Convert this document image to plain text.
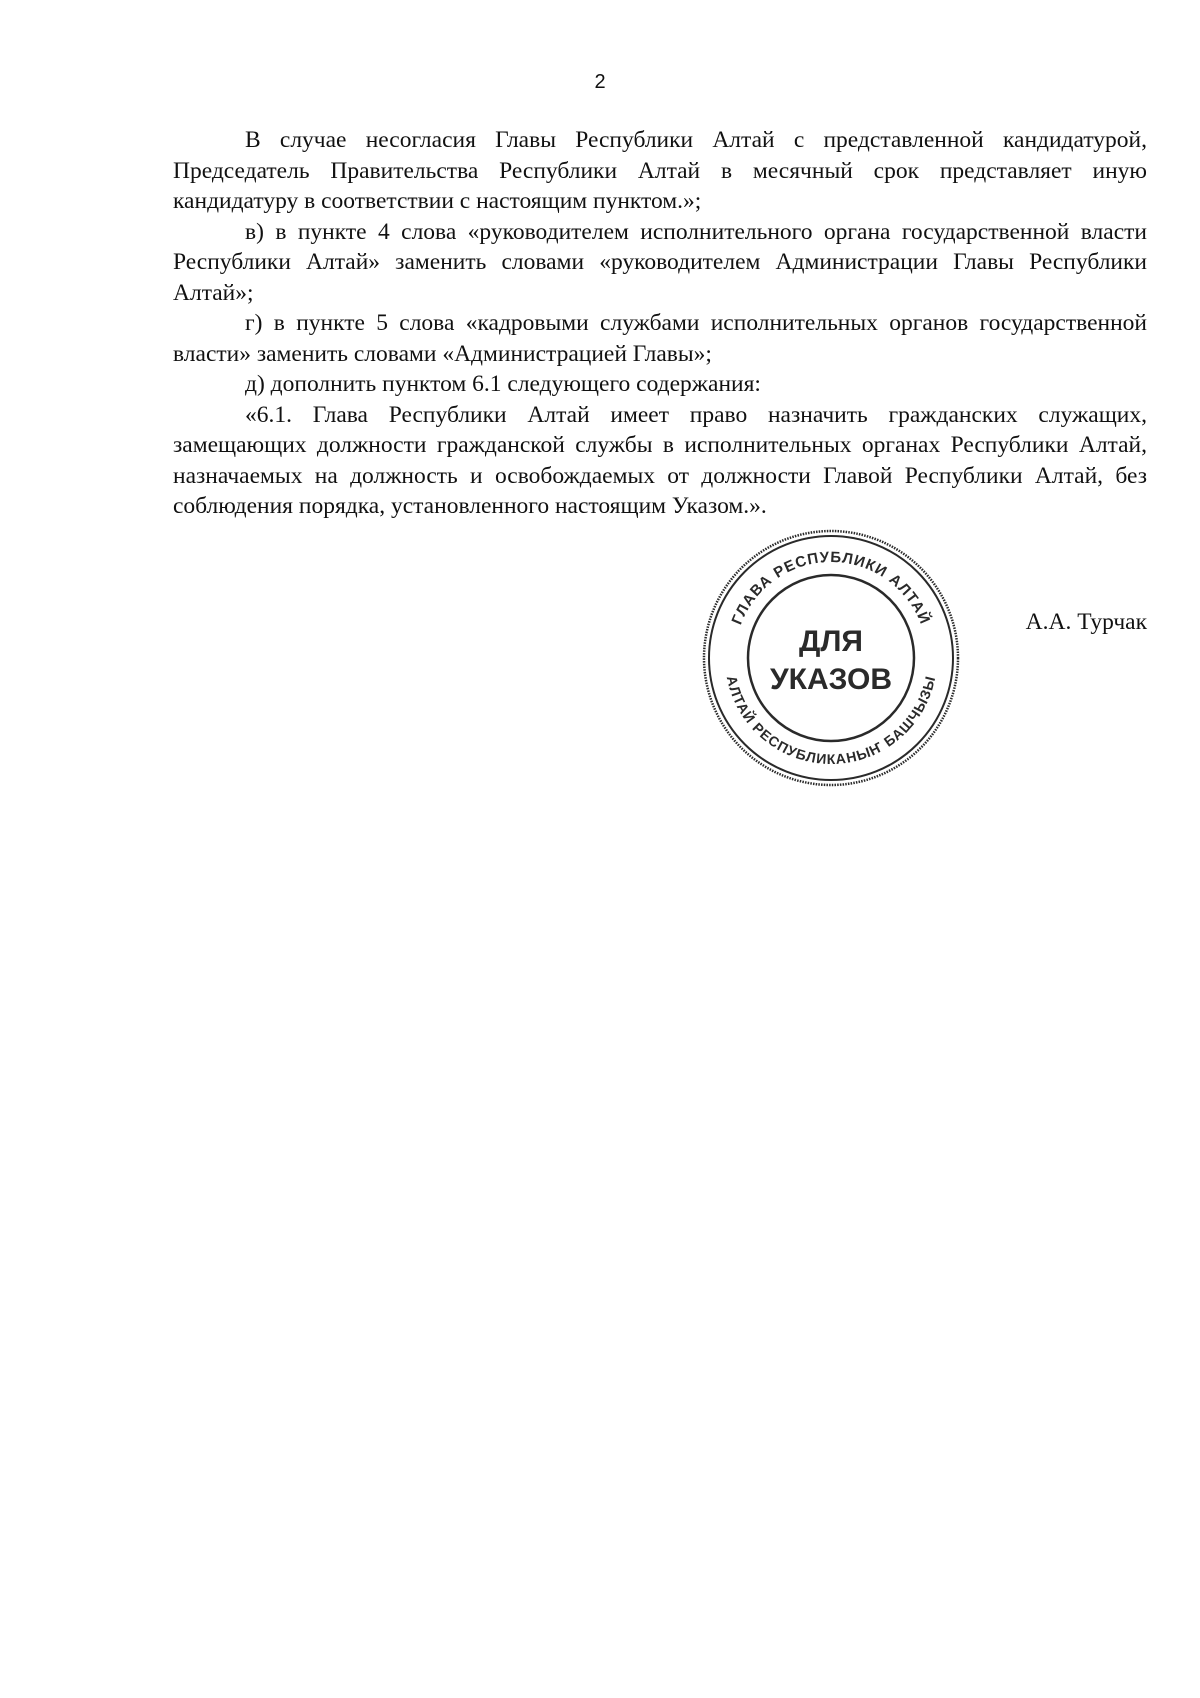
2

В случае несогласия Главы Республики Алтай с представленной кандидатурой, Председатель Правительства Республики Алтай в месячный срок представляет иную кандидатуру в соответствии с настоящим пунктом.»;

в) в пункте 4 слова «руководителем исполнительного органа государственной власти Республики Алтай» заменить словами «руководителем Администрации Главы Республики Алтай»;

г) в пункте 5 слова «кадровыми службами исполнительных органов государственной власти» заменить словами «Администрацией Главы»;

д) дополнить пунктом 6.1 следующего содержания:

«6.1. Глава Республики Алтай имеет право назначить гражданских служащих, замещающих должности гражданской службы в исполнительных органах Республики Алтай, назначаемых на должность и освобождаемых от должности Главой Республики Алтай, без соблюдения порядка, установленного настоящим Указом.».

ГЛАВА РЕСПУБЛИКИ АЛТАЙ
АЛТАЙ РЕСПУБЛИКАНЫҤ БАШЧЫЗЫ
ДЛЯ
УКАЗОВ
А.А. Турчак
